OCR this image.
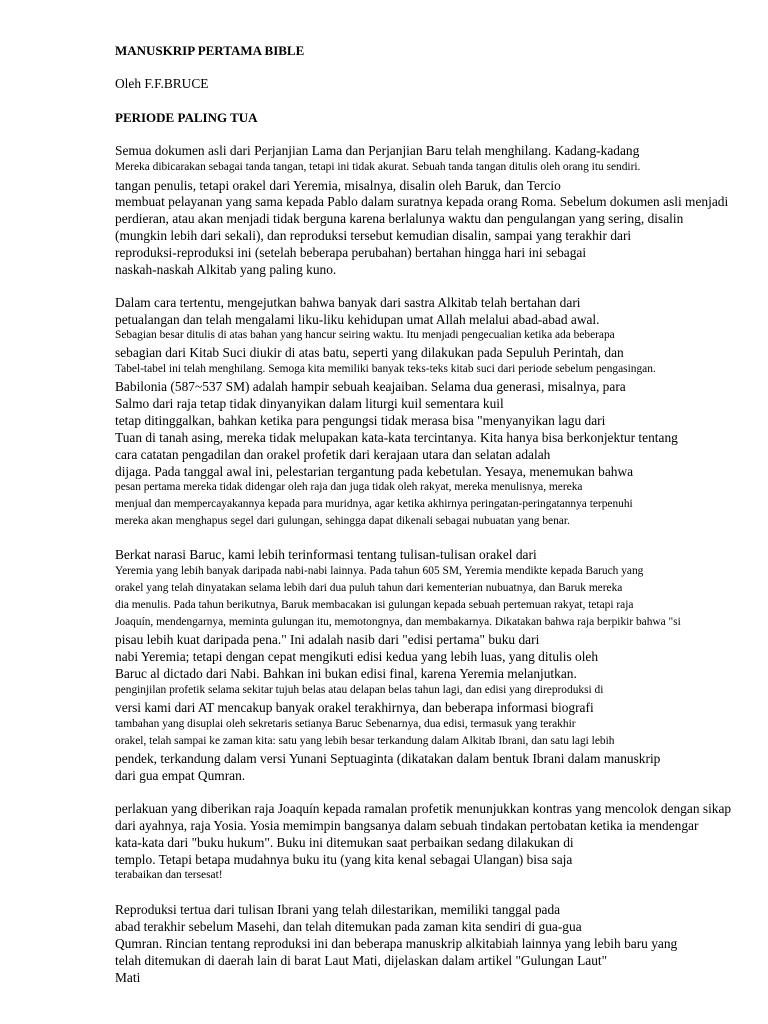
MANUSKRIP PERTAMA BIBLE
Oleh F.F.BRUCE
PERIODE PALING TUA
Semua dokumen asli dari Perjanjian Lama dan Perjanjian Baru telah menghilang. Kadang-kadang
Mereka dibicarakan sebagai tanda tangan, tetapi ini tidak akurat. Sebuah tanda tangan ditulis oleh orang itu sendiri.
tangan penulis, tetapi orakel dari Yeremia, misalnya, disalin oleh Baruk, dan Tercio
membuat pelayanan yang sama kepada Pablo dalam suratnya kepada orang Roma. Sebelum dokumen asli menjadi
perdieran, atau akan menjadi tidak berguna karena berlalunya waktu dan pengulangan yang sering, disalin
(mungkin lebih dari sekali), dan reproduksi tersebut kemudian disalin, sampai yang terakhir dari
reproduksi-reproduksi ini (setelah beberapa perubahan) bertahan hingga hari ini sebagai
naskah-naskah Alkitab yang paling kuno.
Dalam cara tertentu, mengejutkan bahwa banyak dari sastra Alkitab telah bertahan dari
petualangan dan telah mengalami liku-liku kehidupan umat Allah melalui abad-abad awal.
Sebagian besar ditulis di atas bahan yang hancur seiring waktu. Itu menjadi pengecualian ketika ada beberapa
sebagian dari Kitab Suci diukir di atas batu, seperti yang dilakukan pada Sepuluh Perintah, dan
Tabel-tabel ini telah menghilang. Semoga kita memiliki banyak teks-teks kitab suci dari periode sebelum pengasingan.
Babilonia (587~537 SM) adalah hampir sebuah keajaiban. Selama dua generasi, misalnya, para
Salmo dari raja tetap tidak dinyanyikan dalam liturgi kuil sementara kuil
tetap ditinggalkan, bahkan ketika para pengungsi tidak merasa bisa "menyanyikan lagu dari
Tuan di tanah asing, mereka tidak melupakan kata-kata tercintanya. Kita hanya bisa berkonjektur tentang
cara catatan pengadilan dan orakel profetik dari kerajaan utara dan selatan adalah
dijaga. Pada tanggal awal ini, pelestarian tergantung pada kebetulan. Yesaya, menemukan bahwa
pesan pertama mereka tidak didengar oleh raja dan juga tidak oleh rakyat, mereka menulisnya, mereka
menjual dan mempercayakannya kepada para muridnya, agar ketika akhirnya peringatan-peringatannya terpenuhi
mereka akan menghapus segel dari gulungan, sehingga dapat dikenali sebagai nubuatan yang benar.
Berkat narasi Baruc, kami lebih terinformasi tentang tulisan-tulisan orakel dari
Yeremia yang lebih banyak daripada nabi-nabi lainnya. Pada tahun 605 SM, Yeremia mendikte kepada Baruch yang
orakel yang telah dinyatakan selama lebih dari dua puluh tahun dari kementerian nubuatnya, dan Baruk mereka
dia menulis. Pada tahun berikutnya, Baruk membacakan isi gulungan kepada sebuah pertemuan rakyat, tetapi raja
Joaquín, mendengarnya, meminta gulungan itu, memotongnya, dan membakarnya. Dikatakan bahwa raja berpikir bahwa "si
pisau lebih kuat daripada pena." Ini adalah nasib dari "edisi pertama" buku dari
nabi Yeremia; tetapi dengan cepat mengikuti edisi kedua yang lebih luas, yang ditulis oleh
Baruc al dictado dari Nabi. Bahkan ini bukan edisi final, karena Yeremia melanjutkan.
penginjilan profetik selama sekitar tujuh belas atau delapan belas tahun lagi, dan edisi yang direproduksi di
versi kami dari AT mencakup banyak orakel terakhirnya, dan beberapa informasi biografi
tambahan yang disuplai oleh sekretaris setianya Baruc Sebenarnya, dua edisi, termasuk yang terakhir
orakel, telah sampai ke zaman kita: satu yang lebih besar terkandung dalam Alkitab Ibrani, dan satu lagi lebih
pendek, terkandung dalam versi Yunani Septuaginta (dikatakan dalam bentuk Ibrani dalam manuskrip
dari gua empat Qumran.
perlakuan yang diberikan raja Joaquín kepada ramalan profetik menunjukkan kontras yang mencolok dengan sikap
dari ayahnya, raja Yosia. Yosia memimpin bangsanya dalam sebuah tindakan pertobatan ketika ia mendengar
kata-kata dari "buku hukum". Buku ini ditemukan saat perbaikan sedang dilakukan di
templo. Tetapi betapa mudahnya buku itu (yang kita kenal sebagai Ulangan) bisa saja
terabaikan dan tersesat!
Reproduksi tertua dari tulisan Ibrani yang telah dilestarikan, memiliki tanggal pada
abad terakhir sebelum Masehi, dan telah ditemukan pada zaman kita sendiri di gua-gua
Qumran. Rincian tentang reproduksi ini dan beberapa manuskrip alkitabiah lainnya yang lebih baru yang
telah ditemukan di daerah lain di barat Laut Mati, dijelaskan dalam artikel "Gulungan Laut"
Mati
